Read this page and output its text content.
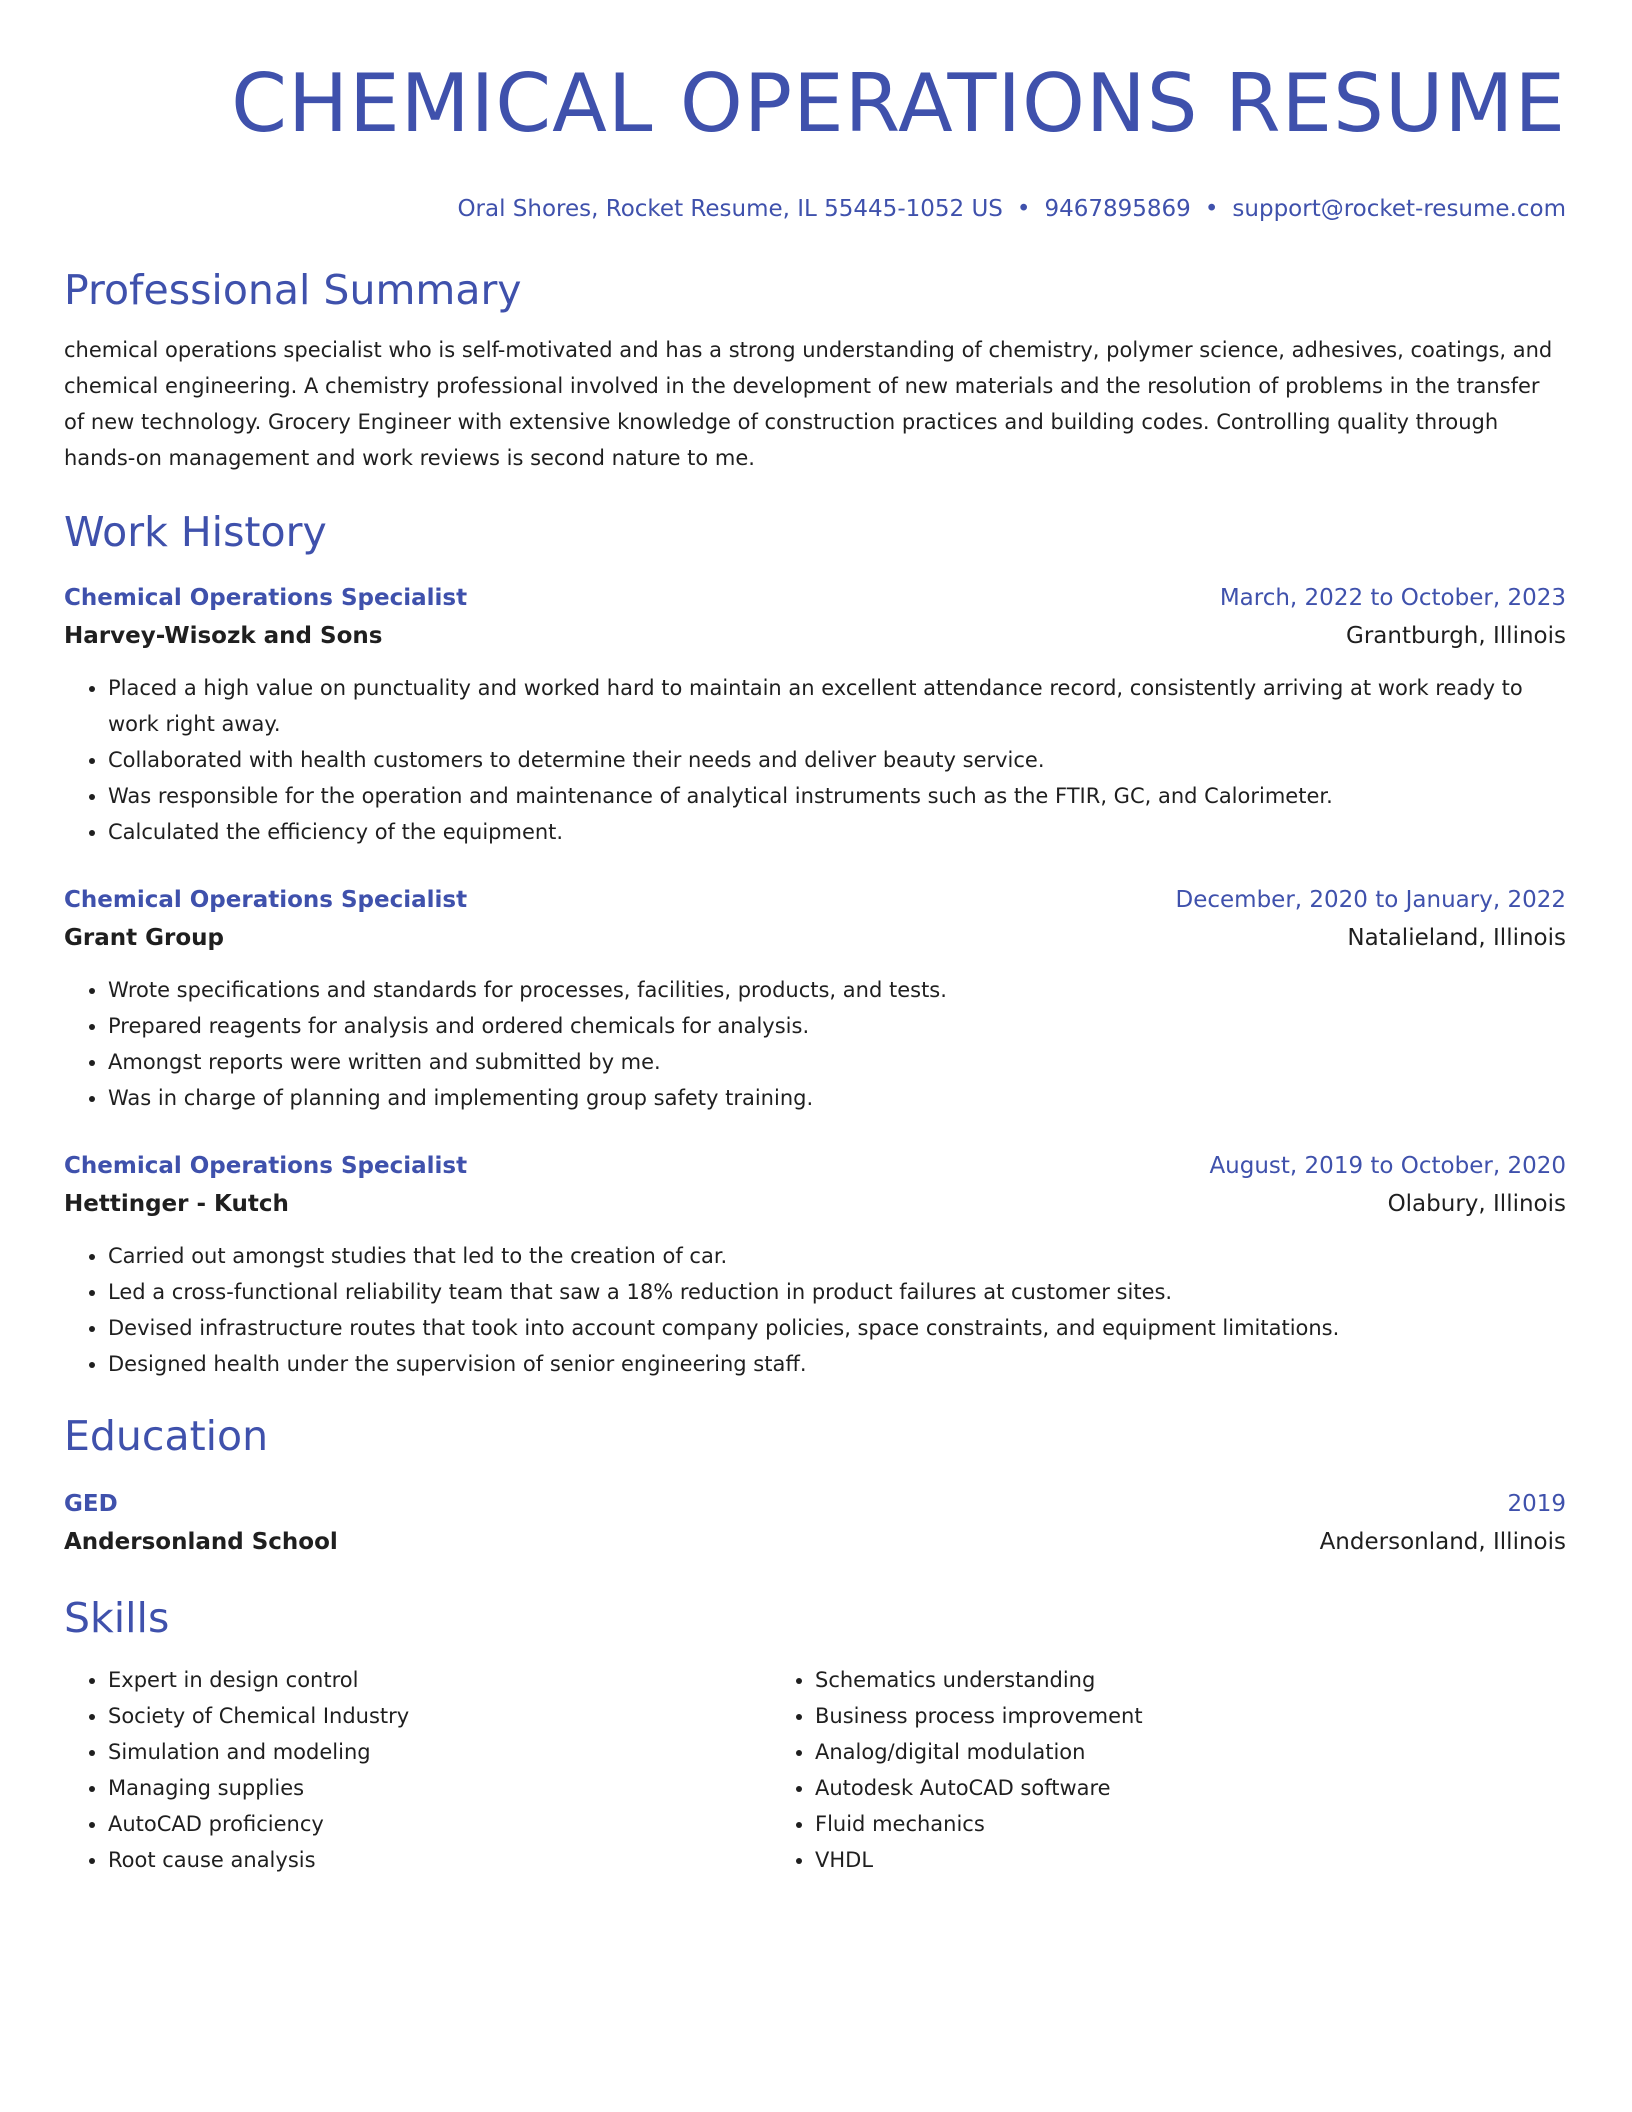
CHEMICAL OPERATIONS RESUME
Oral Shores, Rocket Resume, IL 55445-1052 US • 9467895869 • support@rocket-resume.com
Professional Summary
chemical operations specialist who is self-motivated and has a strong understanding of chemistry, polymer science, adhesives, coatings, and chemical engineering. A chemistry professional involved in the development of new materials and the resolution of problems in the transfer of new technology. Grocery Engineer with extensive knowledge of construction practices and building codes. Controlling quality through hands-on management and work reviews is second nature to me.
Work History
Chemical Operations Specialist	March, 2022 to October, 2023
Harvey-Wisozk and Sons	Grantburgh, Illinois
• Placed a high value on punctuality and worked hard to maintain an excellent attendance record, consistently arriving at work ready to work right away.
• Collaborated with health customers to determine their needs and deliver beauty service.
• Was responsible for the operation and maintenance of analytical instruments such as the FTIR, GC, and Calorimeter.
• Calculated the efficiency of the equipment.
Chemical Operations Specialist	December, 2020 to January, 2022
Grant Group	Natalieland, Illinois
• Wrote specifications and standards for processes, facilities, products, and tests.
• Prepared reagents for analysis and ordered chemicals for analysis.
• Amongst reports were written and submitted by me.
• Was in charge of planning and implementing group safety training.
Chemical Operations Specialist	August, 2019 to October, 2020
Hettinger - Kutch	Olabury, Illinois
• Carried out amongst studies that led to the creation of car.
• Led a cross-functional reliability team that saw a 18% reduction in product failures at customer sites.
• Devised infrastructure routes that took into account company policies, space constraints, and equipment limitations.
• Designed health under the supervision of senior engineering staff.
Education
GED	2019
Andersonland School	Andersonland, Illinois
Skills
• Expert in design control
• Society of Chemical Industry
• Simulation and modeling
• Managing supplies
• AutoCAD proficiency
• Root cause analysis
• Schematics understanding
• Business process improvement
• Analog/digital modulation
• Autodesk AutoCAD software
• Fluid mechanics
• VHDL
